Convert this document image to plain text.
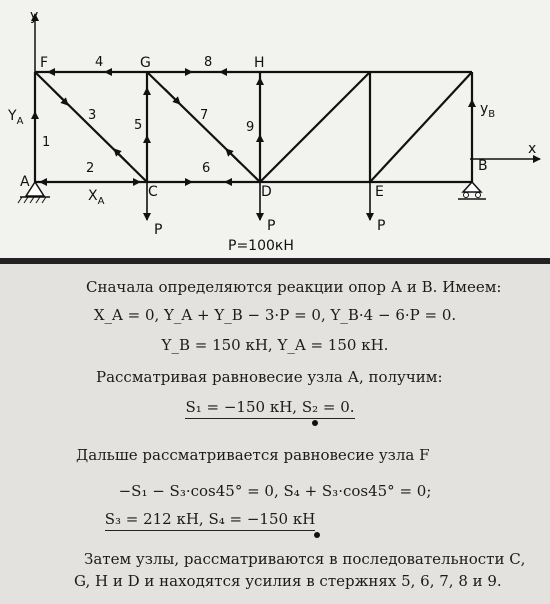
y
x
A
B
C	D	E
F	G	H
1
2
3
4
5
6
7
8
9
$Y_A$
$y_B$
$X_A$
P	P	P
P=100кН
Сначала определяются реакции опор А и В. Имеем:
X_A = 0, Y_A + Y_B − 3·P = 0, Y_B·4 − 6·P = 0.
Y_B = 150 кН, Y_A = 150 кН.
Рассматривая равновесие узла А, получим:
S₁ = −150 кН, S₂ = 0.
Дальше рассматривается равновесие узла F
−S₁ − S₃·cos45° = 0, S₄ + S₃·cos45° = 0;
S₃ = 212 кН, S₄ = −150 кН
Затем узлы, рассматриваются в последовательности С,
G, H и D и находятся усилия в стержнях 5, 6, 7, 8 и 9.
